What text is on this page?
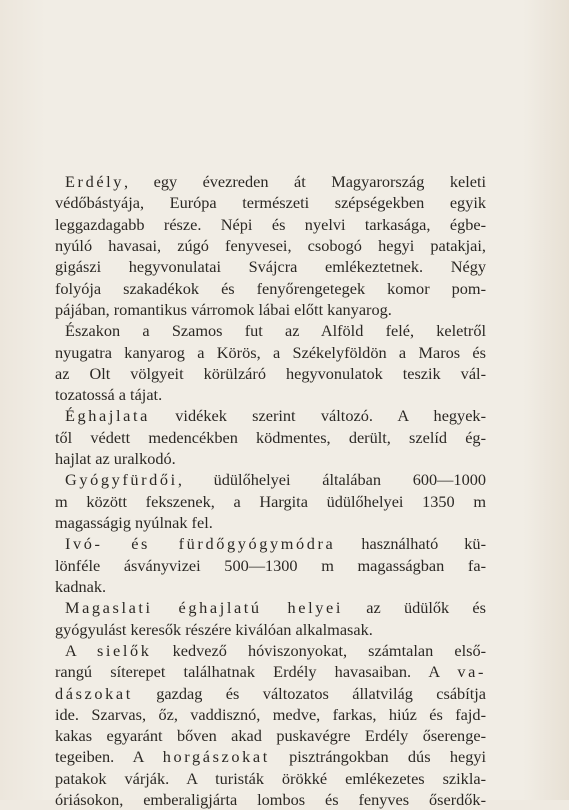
Erdély, egy évezreden át Magyarország keleti
védőbástyája, Európa természeti szépségekben egyik
leggazdagabb része. Népi és nyelvi tarkasága, égbe-
nyúló havasai, zúgó fenyvesei, csobogó hegyi patakjai,
gigászi hegyvonulatai Svájcra emlékeztetnek. Négy
folyója szakadékok és fenyőrengetegek komor pom-
pájában, romantikus várromok lábai előtt kanyarog.
Északon a Szamos fut az Alföld felé, keletről
nyugatra kanyarog a Körös, a Székelyföldön a Maros és
az Olt völgyeit körülzáró hegyvonulatok teszik vál-
tozatossá a tájat.
Éghajlata vidékek szerint változó. A hegyek-
től védett medencékben ködmentes, derült, szelíd ég-
hajlat az uralkodó.
Gyógyfürdői, üdülőhelyei általában 600—1000
m között fekszenek, a Hargita üdülőhelyei 1350 m
magasságig nyúlnak fel.
Ivó- és fürdőgyógymódra használható kü-
lönféle ásványvizei 500—1300 m magasságban fa-
kadnak.
Magaslati éghajlatú helyei az üdülők és
gyógyulást keresők részére kiválóan alkalmasak.
A sielők kedvező hóviszonyokat, számtalan első-
rangú síterepet találhatnak Erdély havasaiban. A va-
dászokat gazdag és változatos állatvilág csábítja
ide. Szarvas, őz, vaddisznó, medve, farkas, hiúz és fajd-
kakas egyaránt bőven akad puskavégre Erdély őserenge-
tegeiben. A horgászokat pisztrángokban dús hegyi
patakok várják. A turisták örökké emlékezetes szikla-
óriásokon, emberaligjárta lombos és fenyves őserdők-
